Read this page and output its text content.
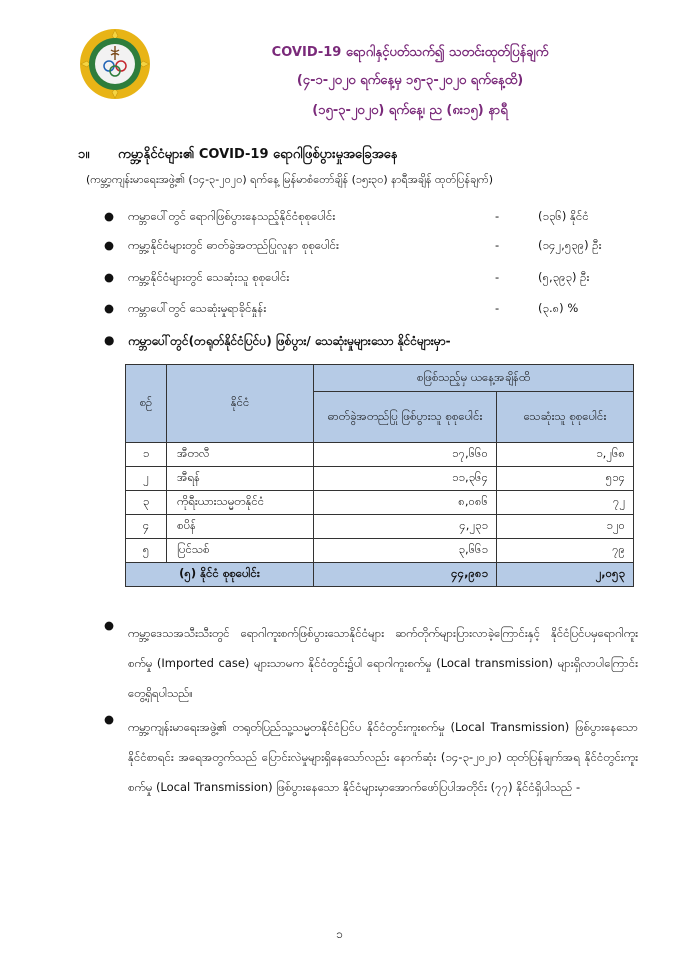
COVID-19 ရောဂါနှင့်ပတ်သက်၍ သတင်းထုတ်ပြန်ချက်
(၄-၁-၂၀၂၀ ရက်နေ့မှ ၁၅-၃-၂၀၂၀ ရက်နေ့ထိ)
(၁၅-၃-၂၀၂၀) ရက်နေ့၊ ည (၈း၁၅) နာရီ
၁။ ကမ္ဘာ့နိုင်ငံများ၏ COVID-19 ရောဂါဖြစ်ပွားမှုအခြေအနေ
(ကမ္ဘာ့ကျန်းမာရေးအဖွဲ့၏ (၁၄-၃-၂၀၂၀) ရက်နေ့ မြန်မာစံတော်ချိန် (၁၅း၃၀) နာရီအချိန် ထုတ်ပြန်ချက်)
● ကမ္ဘာပေါ်တွင် ရောဂါဖြစ်ပွားနေသည့်နိုင်ငံစုစုပေါင်း	-	(၁၃၆) နိုင်ငံ
● ကမ္ဘာ့နိုင်ငံများတွင် ဓာတ်ခွဲအတည်ပြုလူနာ စုစုပေါင်း	-	(၁၄၂,၅၃၉) ဦး
● ကမ္ဘာ့နိုင်ငံများတွင် သေဆုံးသူ စုစုပေါင်း	-	(၅,၃၉၃) ဦး
● ကမ္ဘာပေါ်တွင် သေဆုံးမှုရာခိုင်နှုန်း	-	(၃.၈) %
● ကမ္ဘာပေါ်တွင်(တရုတ်နိုင်ငံပြင်ပ) ဖြစ်ပွား/ သေဆုံးမှုများသော နိုင်ငံများမှာ-
စဉ်	နိုင်ငံ	စဖြစ်သည့်မှ ယနေ့အချိန်ထိ	
		ဓာတ်ခွဲအတည်ပြု ဖြစ်ပွားသူ စုစုပေါင်း	သေဆုံးသူ စုစုပေါင်း
၁	အီတလီ	၁၇,၆၆၀	၁,၂၆၈
၂	အီရန်	၁၁,၃၆၄	၅၁၄
၃	ကိုရီးယားသမ္မတနိုင်ငံ	၈,၀၈၆	၇၂
၄	စပိန်	၄,၂၃၁	၁၂၀
၅	ပြင်သစ်	၃,၆၆၁	၇၉
(၅) နိုင်ငံ စုစုပေါင်း		၄၄,၉၈၁	၂,၀၅၃
●
ကမ္ဘာ့ဒေသအသီးသီးတွင် ရောဂါကူးစက်ဖြစ်ပွားသောနိုင်ငံများ ဆက်တိုက်များပြားလာခဲ့ကြောင်းနှင့် နိုင်ငံပြင်ပမှရောဂါကူးစက်မှု (Imported case) များသာမက နိုင်ငံတွင်း၌ပါ ရောဂါကူးစက်မှု (Local transmission) များရှိလာပါကြောင်း တွေ့ရှိရပါသည်။
●
ကမ္ဘာ့ကျန်းမာရေးအဖွဲ့၏ တရုတ်ပြည်သူ့သမ္မတနိုင်ငံပြင်ပ နိုင်ငံတွင်းကူးစက်မှု (Local Transmission) ဖြစ်ပွားနေသော နိုင်ငံစာရင်း အရေအတွက်သည် ပြောင်းလဲမှုများရှိနေသော်လည်း နောက်ဆုံး (၁၄-၃-၂၀၂၀) ထုတ်ပြန်ချက်အရ နိုင်ငံတွင်းကူးစက်မှု (Local Transmission) ဖြစ်ပွားနေသော နိုင်ငံများမှာအောက်ဖော်ပြပါအတိုင်း (၇၇) နိုင်ငံရှိပါသည် -
၁
